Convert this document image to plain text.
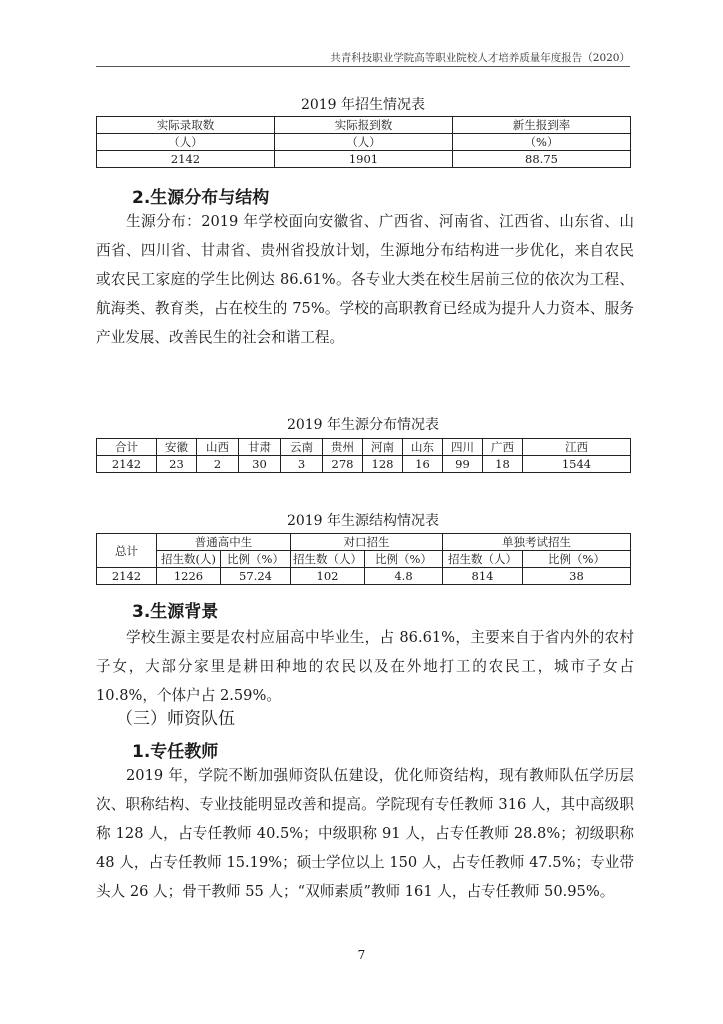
共青科技职业学院高等职业院校人才培养质量年度报告（2020）
2019 年招生情况表
实际录取数	实际报到数	新生报到率
（人）	（人）	（%）
2142	1901	88.75
2.生源分布与结构

生源分布：2019 年学校面向安徽省、广西省、河南省、江西省、山东省、山西省、四川省、甘肃省、贵州省投放计划，生源地分布结构进一步优化，来自农民或农民工家庭的学生比例达 86.61%。各专业大类在校生居前三位的依次为工程、航海类、教育类，占在校生的 75%。学校的高职教育已经成为提升人力资本、服务产业发展、改善民生的社会和谐工程。

2019 年生源分布情况表
合计	安徽	山西	甘肃	云南	贵州	河南	山东	四川	广西	江西
2142	23	2	30	3	278	128	16	99	18	1544
2019 年生源结构情况表
总计	普通高中生		对口招生		单独考试招生	
	招生数(人)	比例（%）	招生数（人）	比例（%）	招生数（人）	比例（%）
2142	1226	57.24	102	4.8	814	38
3.生源背景

学校生源主要是农村应届高中毕业生，占 86.61%，主要来自于省内外的农村子女，大部分家里是耕田种地的农民以及在外地打工的农民工，城市子女占 10.8%，个体户占 2.59%。

（三）师资队伍
1.专任教师

2019 年，学院不断加强师资队伍建设，优化师资结构，现有教师队伍学历层次、职称结构、专业技能明显改善和提高。学院现有专任教师 316 人，其中高级职称 128 人，占专任教师 40.5%；中级职称 91 人，占专任教师 28.8%；初级职称 48 人，占专任教师 15.19%；硕士学位以上 150 人，占专任教师 47.5%；专业带头人 26 人；骨干教师 55 人；“双师素质”教师 161 人，占专任教师 50.95%。

7
